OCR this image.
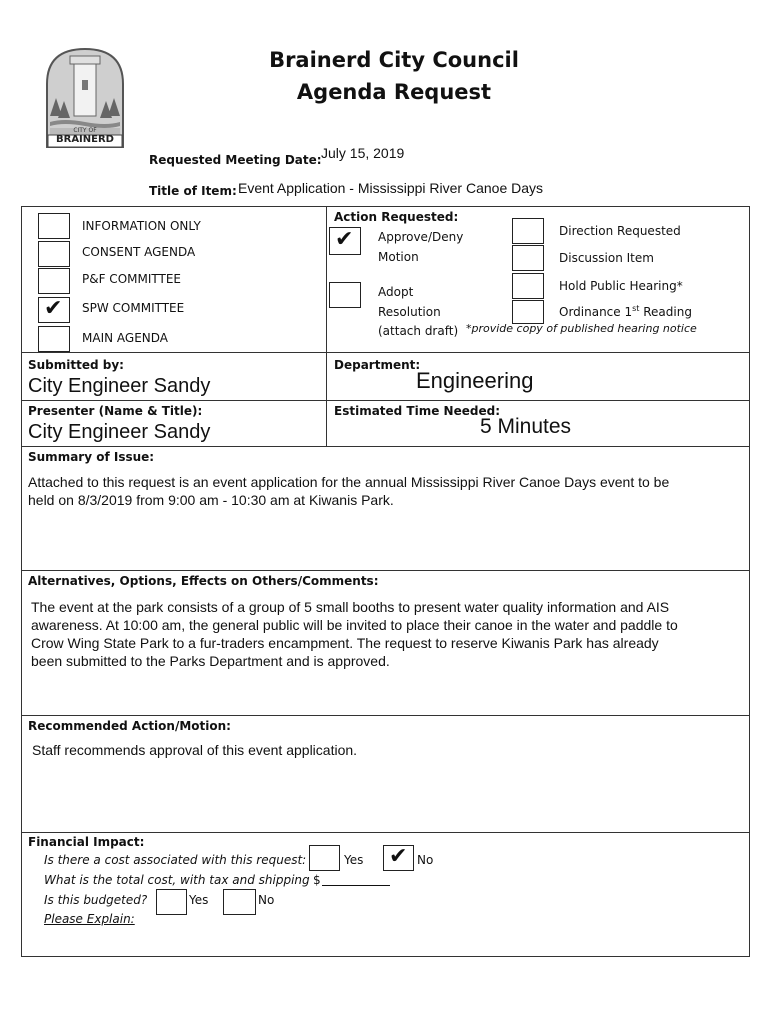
CITY OF
BRAINERD
Brainerd City Council
Agenda Request
Requested Meeting Date: July 15, 2019
Title of Item: Event Application - Mississippi River Canoe Days
INFORMATION ONLY
CONSENT AGENDA
P&F COMMITTEE
✔ SPW COMMITTEE
MAIN AGENDA
Action Requested:
✔ Approve/Deny
Motion
Adopt
Resolution
(attach draft)
Direction Requested
Discussion Item
Hold Public Hearing*
Ordinance 1st Reading
*provide copy of published hearing notice
Submitted by:
City Engineer Sandy
Department:
Engineering
Presenter (Name & Title):
City Engineer Sandy
Estimated Time Needed:
5 Minutes
Summary of Issue:
Attached to this request is an event application for the annual Mississippi River Canoe Days event to be
held on 8/3/2019 from 9:00 am - 10:30 am at Kiwanis Park.
Alternatives, Options, Effects on Others/Comments:
The event at the park consists of a group of 5 small booths to present water quality information and AIS
awareness. At 10:00 am, the general public will be invited to place their canoe in the water and paddle to
Crow Wing State Park to a fur-traders encampment. The request to reserve Kiwanis Park has already
been submitted to the Parks Department and is approved.
Recommended Action/Motion:
Staff recommends approval of this event application.
Financial Impact:
Is there a cost associated with this request:	Yes ✔ No
What is the total cost, with tax and shipping $
Is this budgeted?	Yes	No
Please Explain:
